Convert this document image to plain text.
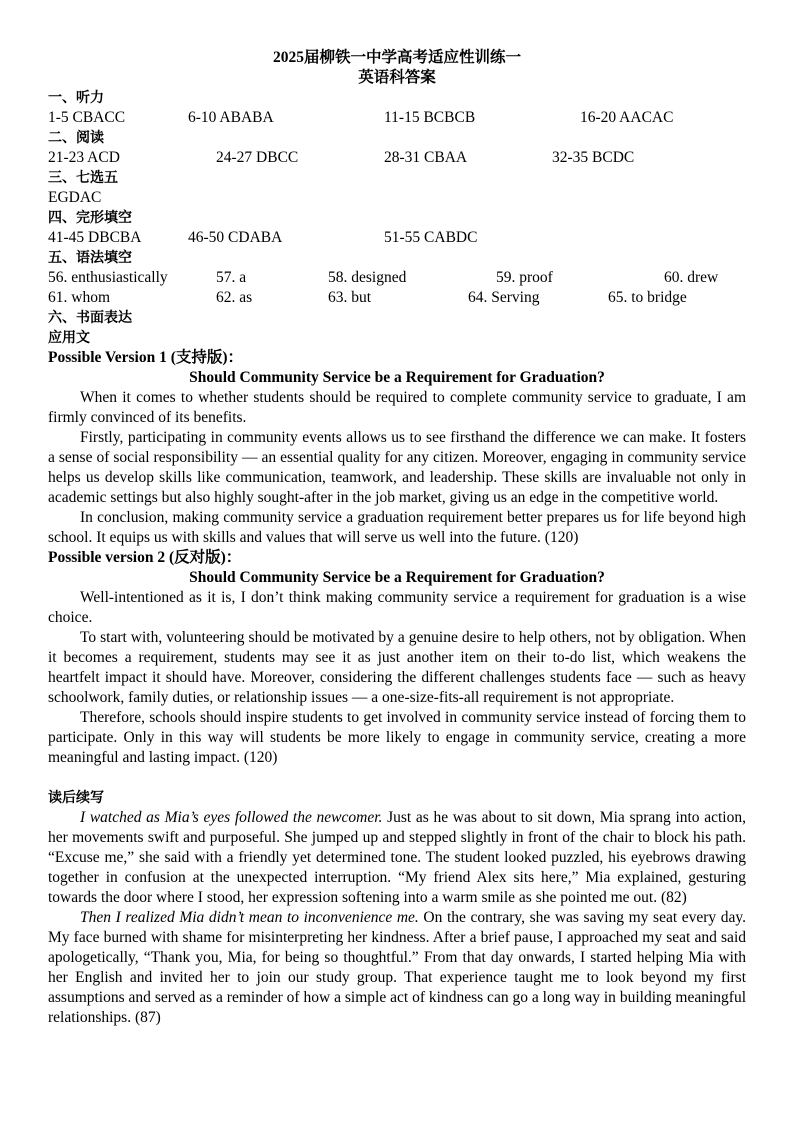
2025届柳铁一中学高考适应性训练一
英语科答案
一、听力
1-5 CBACC	6-10 ABABA	11-15 BCBCB	16-20 AACAC
二、阅读
21-23 ACD	24-27 DBCC	28-31 CBAA	32-35 BCDC
三、七选五
EGDAC
四、完形填空
41-45 DBCBA	46-50 CDABA	51-55 CABDC
五、语法填空
56. enthusiastically	57. a	58. designed	59. proof	60. drew
61. whom	62. as	63. but	64. Serving	65. to bridge
六、书面表达
应用文
Possible Version 1 (支持版)：
Should Community Service be a Requirement for Graduation?

When it comes to whether students should be required to complete community service to graduate, I am firmly convinced of its benefits.

Firstly, participating in community events allows us to see firsthand the difference we can make. It fosters a sense of social responsibility — an essential quality for any citizen. Moreover, engaging in community service helps us develop skills like communication, teamwork, and leadership. These skills are invaluable not only in academic settings but also highly sought-after in the job market, giving us an edge in the competitive world.

In conclusion, making community service a graduation requirement better prepares us for life beyond high school. It equips us with skills and values that will serve us well into the future. (120)

Possible version 2 (反对版)：
Should Community Service be a Requirement for Graduation?

Well-intentioned as it is, I don’t think making community service a requirement for graduation is a wise choice.

To start with, volunteering should be motivated by a genuine desire to help others, not by obligation. When it becomes a requirement, students may see it as just another item on their to-do list, which weakens the heartfelt impact it should have. Moreover, considering the different challenges students face — such as heavy schoolwork, family duties, or relationship issues — a one-size-fits-all requirement is not appropriate.

Therefore, schools should inspire students to get involved in community service instead of forcing them to participate. Only in this way will students be more likely to engage in community service, creating a more meaningful and lasting impact. (120)

读后续写

I watched as Mia’s eyes followed the newcomer. Just as he was about to sit down, Mia sprang into action, her movements swift and purposeful. She jumped up and stepped slightly in front of the chair to block his path. “Excuse me,” she said with a friendly yet determined tone. The student looked puzzled, his eyebrows drawing together in confusion at the unexpected interruption. “My friend Alex sits here,” Mia explained, gesturing towards the door where I stood, her expression softening into a warm smile as she pointed me out. (82)

Then I realized Mia didn’t mean to inconvenience me. On the contrary, she was saving my seat every day. My face burned with shame for misinterpreting her kindness. After a brief pause, I approached my seat and said apologetically, “Thank you, Mia, for being so thoughtful.” From that day onwards, I started helping Mia with her English and invited her to join our study group. That experience taught me to look beyond my first assumptions and served as a reminder of how a simple act of kindness can go a long way in building meaningful relationships. (87)
